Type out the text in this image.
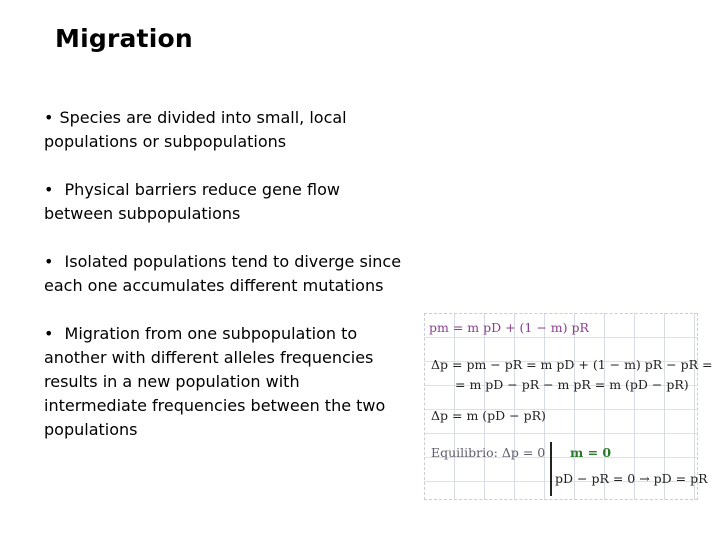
Migration
• Species are divided into small, local
populations or subpopulations
• Physical barriers reduce gene flow
between subpopulations
• Isolated populations tend to diverge since
each one accumulates different mutations
• Migration from one subpopulation to
another with different alleles frequencies
results in a new population with
intermediate frequencies between the two
populations
pm = m pD + (1 − m) pR
Δp = pm − pR = m pD + (1 − m) pR − pR =
= m pD − pR − m pR = m (pD − pR)
Δp = m (pD − pR)
Equilibrio: Δp = 0 m = 0
pD − pR = 0 → pD = pR
